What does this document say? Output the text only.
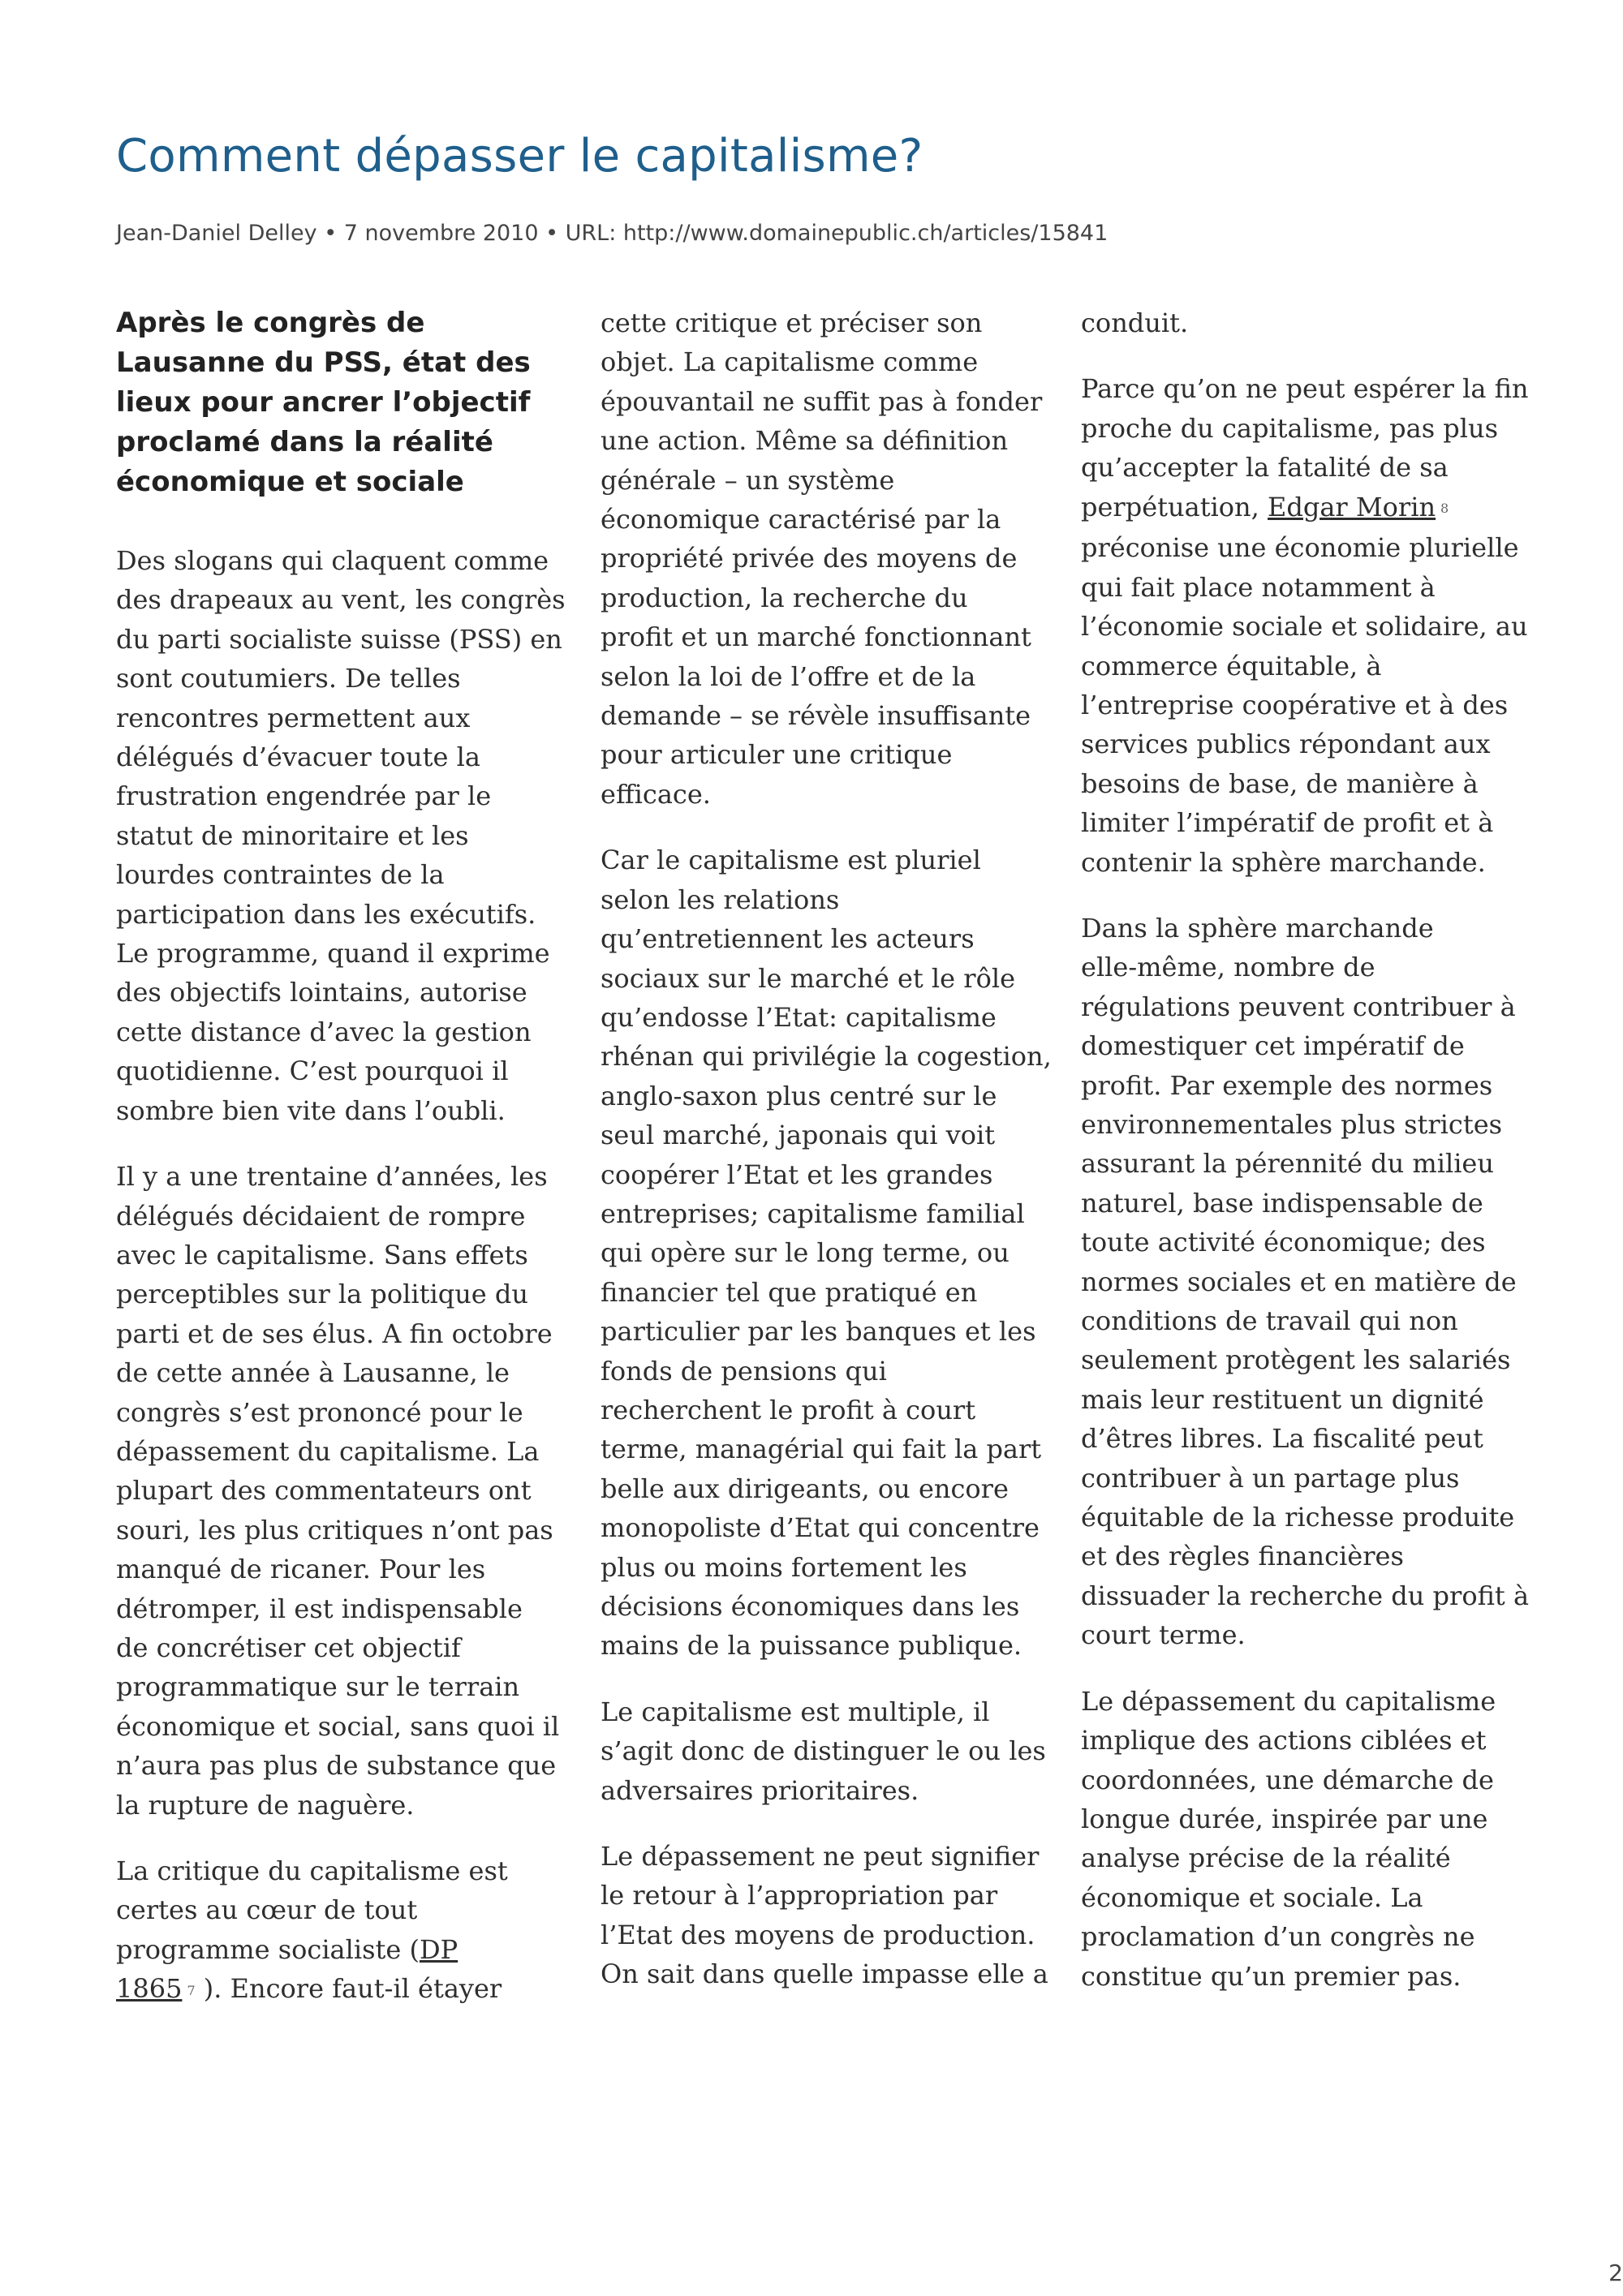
Comment dépasser le capitalisme?
Jean-Daniel Delley • 7 novembre 2010 • URL: http://www.domainepublic.ch/articles/15841

Après le congrès de
Lausanne du PSS, état des
lieux pour ancrer l’objectif
proclamé dans la réalité
économique et sociale

Des slogans qui claquent comme
des drapeaux au vent, les congrès
du parti socialiste suisse (PSS) en
sont coutumiers. De telles
rencontres permettent aux
délégués d’évacuer toute la
frustration engendrée par le
statut de minoritaire et les
lourdes contraintes de la
participation dans les exécutifs.
Le programme, quand il exprime
des objectifs lointains, autorise
cette distance d’avec la gestion
quotidienne. C’est pourquoi il
sombre bien vite dans l’oubli.

Il y a une trentaine d’années, les
délégués décidaient de rompre
avec le capitalisme. Sans effets
perceptibles sur la politique du
parti et de ses élus. A fin octobre
de cette année à Lausanne, le
congrès s’est prononcé pour le
dépassement du capitalisme. La
plupart des commentateurs ont
souri, les plus critiques n’ont pas
manqué de ricaner. Pour les
détromper, il est indispensable
de concrétiser cet objectif
programmatique sur le terrain
économique et social, sans quoi il
n’aura pas plus de substance que
la rupture de naguère.

La critique du capitalisme est
certes au cœur de tout
programme socialiste (DP
1865 7 ). Encore faut-il étayer

cette critique et préciser son
objet. La capitalisme comme
épouvantail ne suffit pas à fonder
une action. Même sa définition
générale – un système
économique caractérisé par la
propriété privée des moyens de
production, la recherche du
profit et un marché fonctionnant
selon la loi de l’offre et de la
demande – se révèle insuffisante
pour articuler une critique
efficace.

Car le capitalisme est pluriel
selon les relations
qu’entretiennent les acteurs
sociaux sur le marché et le rôle
qu’endosse l’Etat: capitalisme
rhénan qui privilégie la cogestion,
anglo-saxon plus centré sur le
seul marché, japonais qui voit
coopérer l’Etat et les grandes
entreprises; capitalisme familial
qui opère sur le long terme, ou
financier tel que pratiqué en
particulier par les banques et les
fonds de pensions qui
recherchent le profit à court
terme, managérial qui fait la part
belle aux dirigeants, ou encore
monopoliste d’Etat qui concentre
plus ou moins fortement les
décisions économiques dans les
mains de la puissance publique.

Le capitalisme est multiple, il
s’agit donc de distinguer le ou les
adversaires prioritaires.

Le dépassement ne peut signifier
le retour à l’appropriation par
l’Etat des moyens de production.
On sait dans quelle impasse elle a

conduit.

Parce qu’on ne peut espérer la fin
proche du capitalisme, pas plus
qu’accepter la fatalité de sa
perpétuation, Edgar Morin 8
préconise une économie plurielle
qui fait place notamment à
l’économie sociale et solidaire, au
commerce équitable, à
l’entreprise coopérative et à des
services publics répondant aux
besoins de base, de manière à
limiter l’impératif de profit et à
contenir la sphère marchande.

Dans la sphère marchande
elle-même, nombre de
régulations peuvent contribuer à
domestiquer cet impératif de
profit. Par exemple des normes
environnementales plus strictes
assurant la pérennité du milieu
naturel, base indispensable de
toute activité économique; des
normes sociales et en matière de
conditions de travail qui non
seulement protègent les salariés
mais leur restituent un dignité
d’êtres libres. La fiscalité peut
contribuer à un partage plus
équitable de la richesse produite
et des règles financières
dissuader la recherche du profit à
court terme.

Le dépassement du capitalisme
implique des actions ciblées et
coordonnées, une démarche de
longue durée, inspirée par une
analyse précise de la réalité
économique et sociale. La
proclamation d’un congrès ne
constitue qu’un premier pas.

2
